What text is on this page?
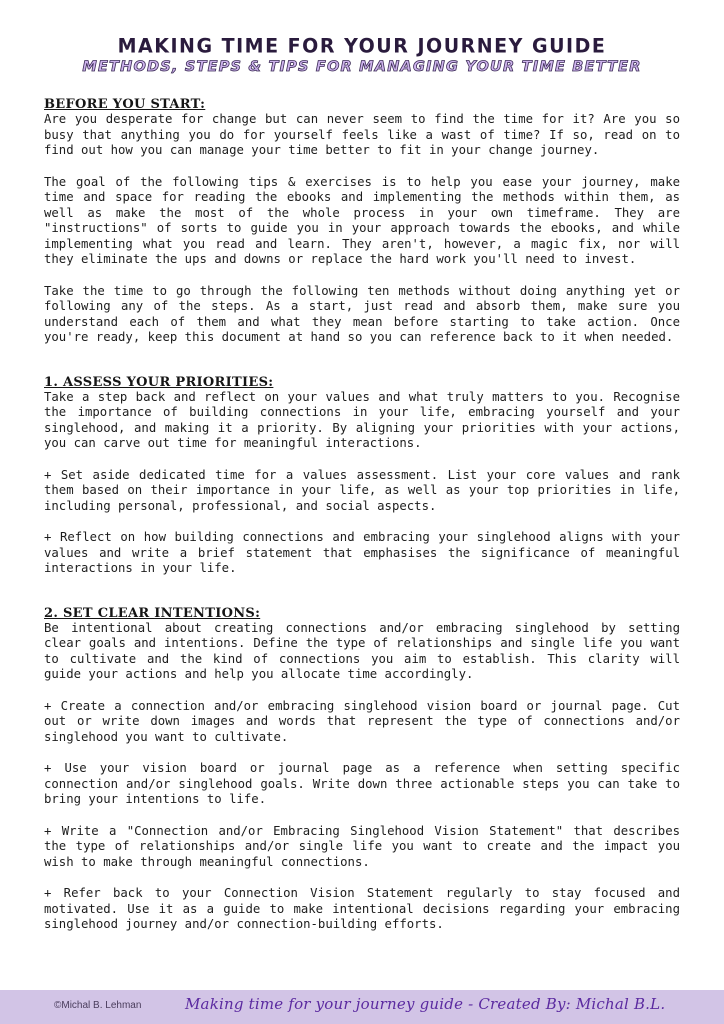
MAKING TIME FOR YOUR JOURNEY GUIDE
METHODS, STEPS & TIPS FOR MANAGING YOUR TIME BETTER
BEFORE YOU START:

Are you desperate for change but can never seem to find the time for it? Are you so busy that anything you do for yourself feels like a wast of time? If so, read on to find out how you can manage your time better to fit in your change journey.

The goal of the following tips & exercises is to help you ease your journey, make time and space for reading the ebooks and implementing the methods within them, as well as make the most of the whole process in your own timeframe. They are "instructions" of sorts to guide you in your approach towards the ebooks, and while implementing what you read and learn. They aren't, however, a magic fix, nor will they eliminate the ups and downs or replace the hard work you'll need to invest.

Take the time to go through the following ten methods without doing anything yet or following any of the steps. As a start, just read and absorb them, make sure you understand each of them and what they mean before starting to take action. Once you're ready, keep this document at hand so you can reference back to it when needed.

1. ASSESS YOUR PRIORITIES:

Take a step back and reflect on your values and what truly matters to you. Recognise the importance of building connections in your life, embracing yourself and your singlehood, and making it a priority. By aligning your priorities with your actions, you can carve out time for meaningful interactions.

+ Set aside dedicated time for a values assessment. List your core values and rank them based on their importance in your life, as well as your top priorities in life, including personal, professional, and social aspects.

+ Reflect on how building connections and embracing your singlehood aligns with your values and write a brief statement that emphasises the significance of meaningful interactions in your life.

2. SET CLEAR INTENTIONS:

Be intentional about creating connections and/or embracing singlehood by setting clear goals and intentions. Define the type of relationships and single life you want to cultivate and the kind of connections you aim to establish. This clarity will guide your actions and help you allocate time accordingly.

+ Create a connection and/or embracing singlehood vision board or journal page. Cut out or write down images and words that represent the type of connections and/or singlehood you want to cultivate.

+ Use your vision board or journal page as a reference when setting specific connection and/or singlehood goals. Write down three actionable steps you can take to bring your intentions to life.

+ Write a "Connection and/or Embracing Singlehood Vision Statement" that describes the type of relationships and/or single life you want to create and the impact you wish to make through meaningful connections.

+ Refer back to your Connection Vision Statement regularly to stay focused and motivated. Use it as a guide to make intentional decisions regarding your embracing singlehood journey and/or connection-building efforts.

©Michal B. Lehman	Making time for your journey guide - Created By: Michal B.L.
